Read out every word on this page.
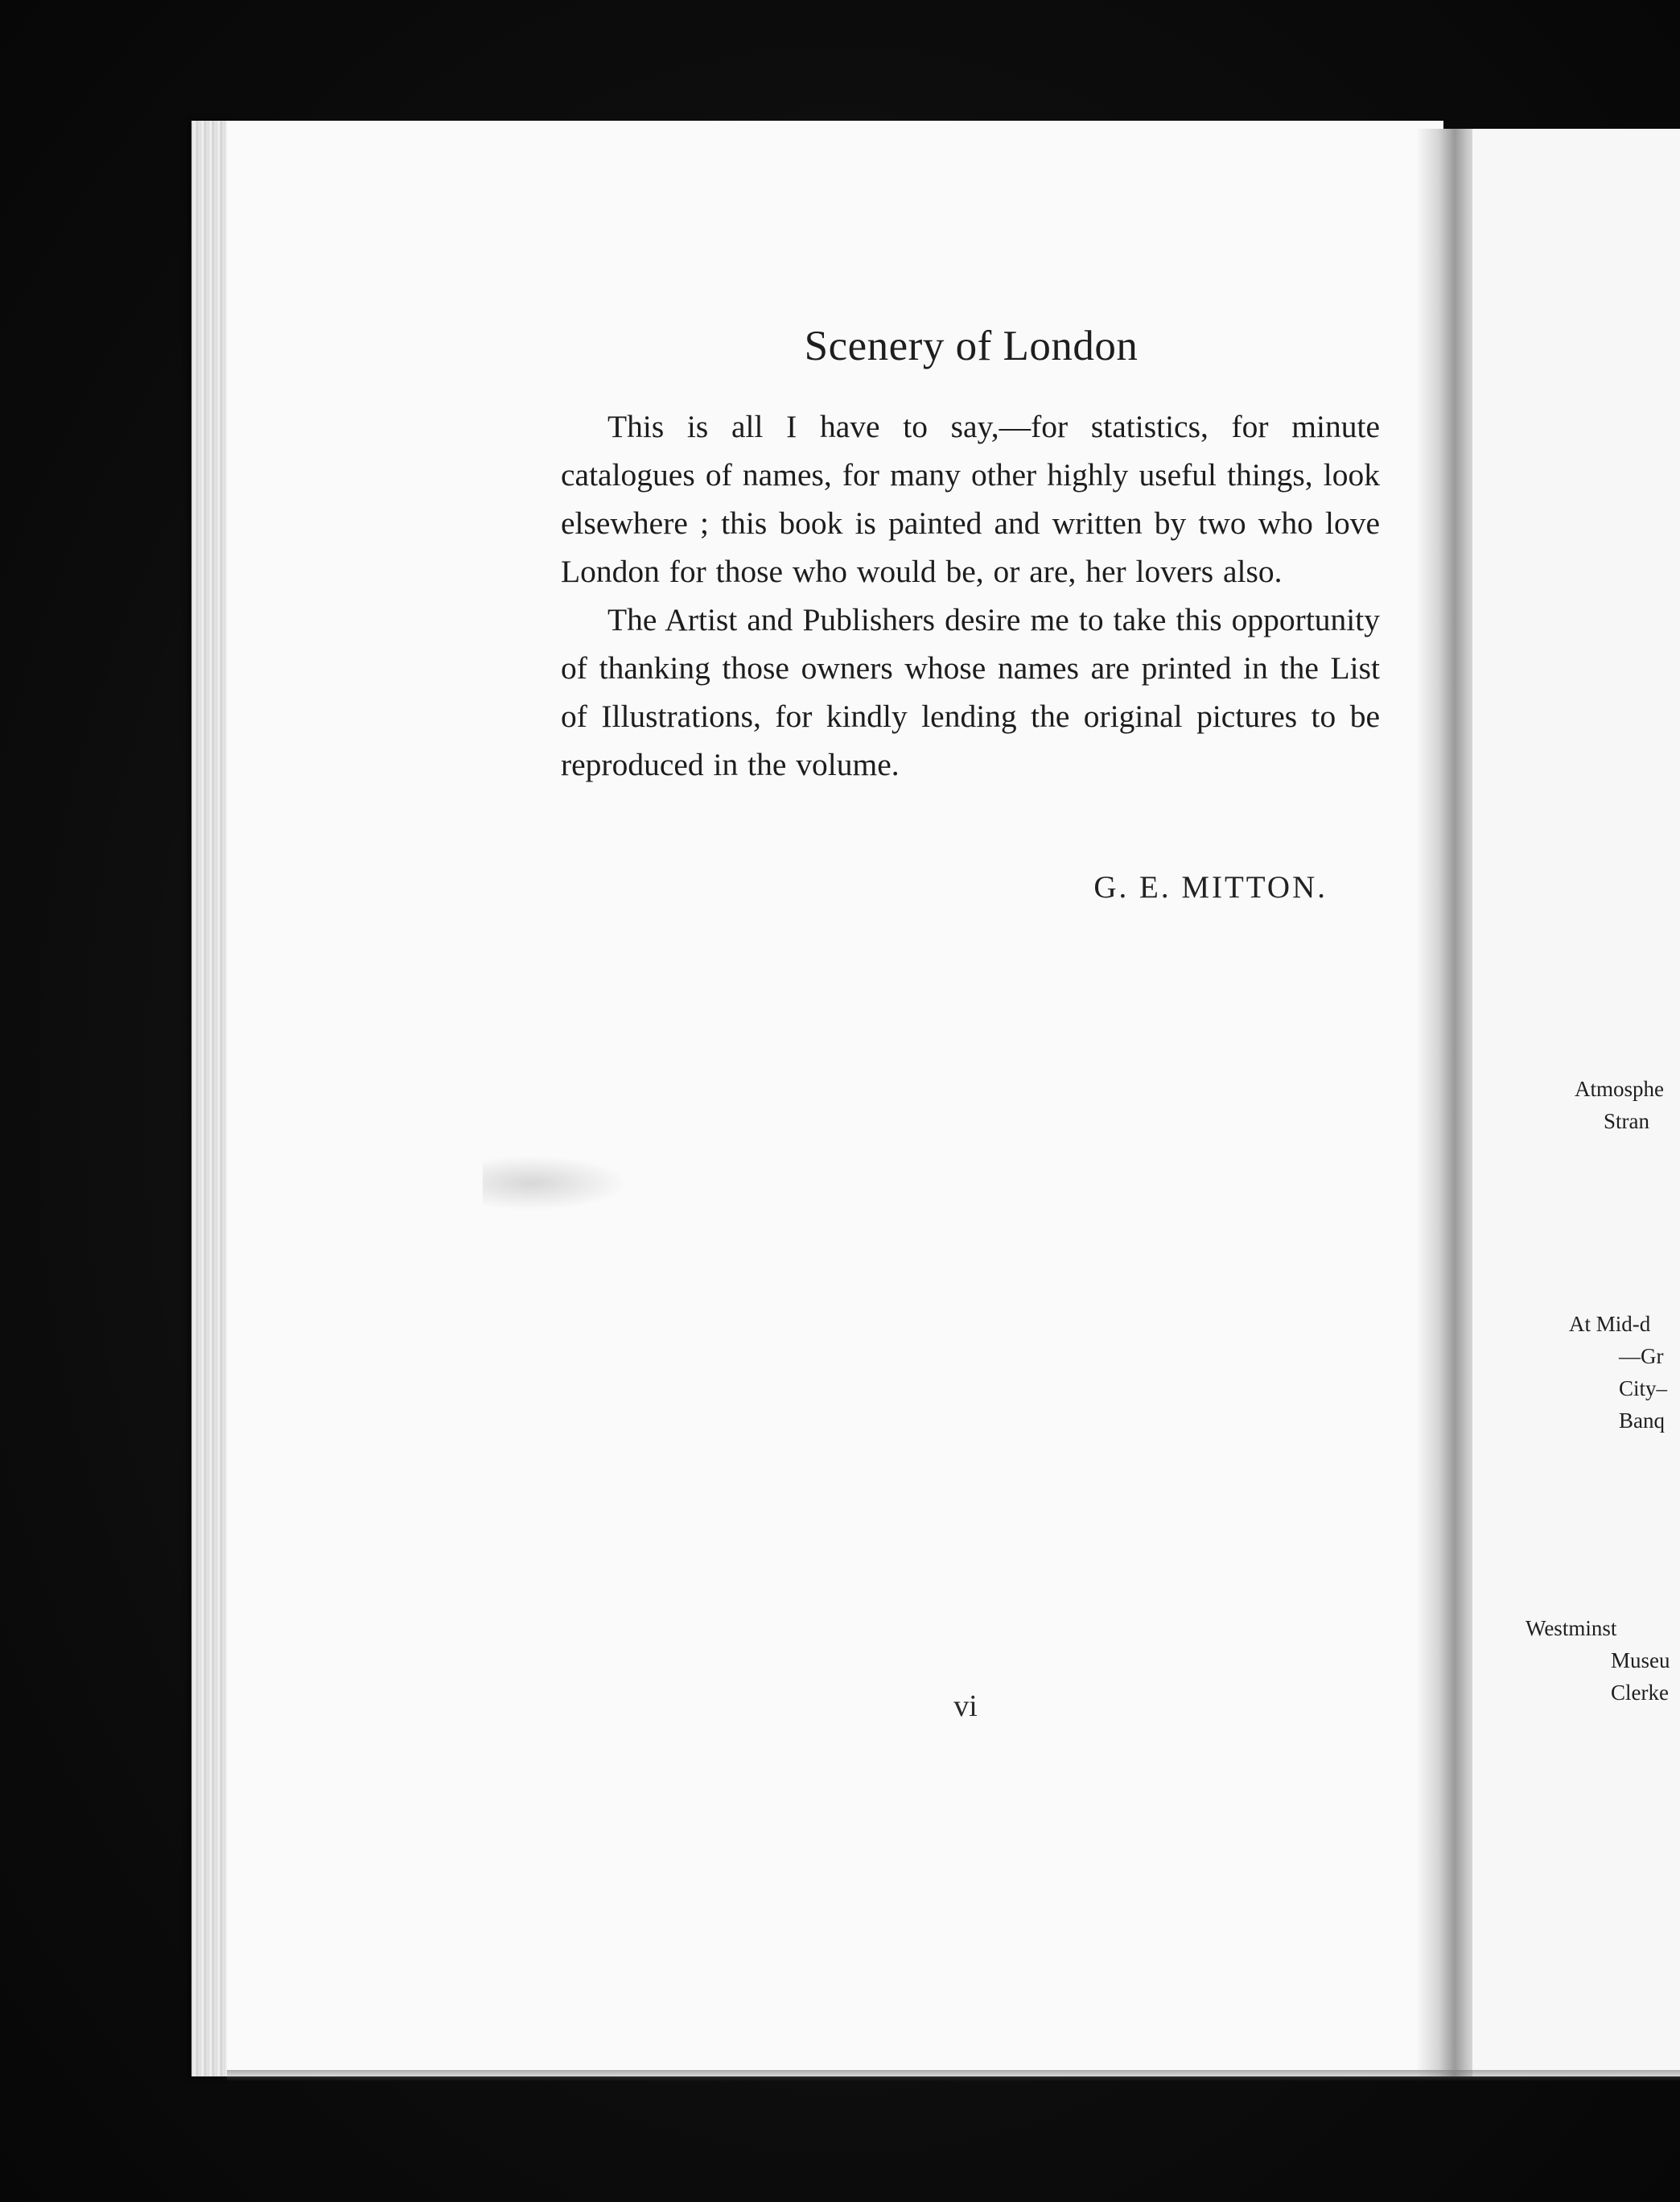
Scenery of London

This is all I have to say,—for statistics, for minute catalogues of names, for many other highly useful things, look elsewhere ; this book is painted and written by two who love London for those who would be, or are, her lovers also.

The Artist and Publishers desire me to take this opportunity of thanking those owners whose names are printed in the List of Illustrations, for kindly lending the original pictures to be reproduced in the volume.

G. E. MITTON.
vi
Atmosphe
Stran
At Mid-d
—Gr
City–
Banq
Westminst
Museu
Clerke
